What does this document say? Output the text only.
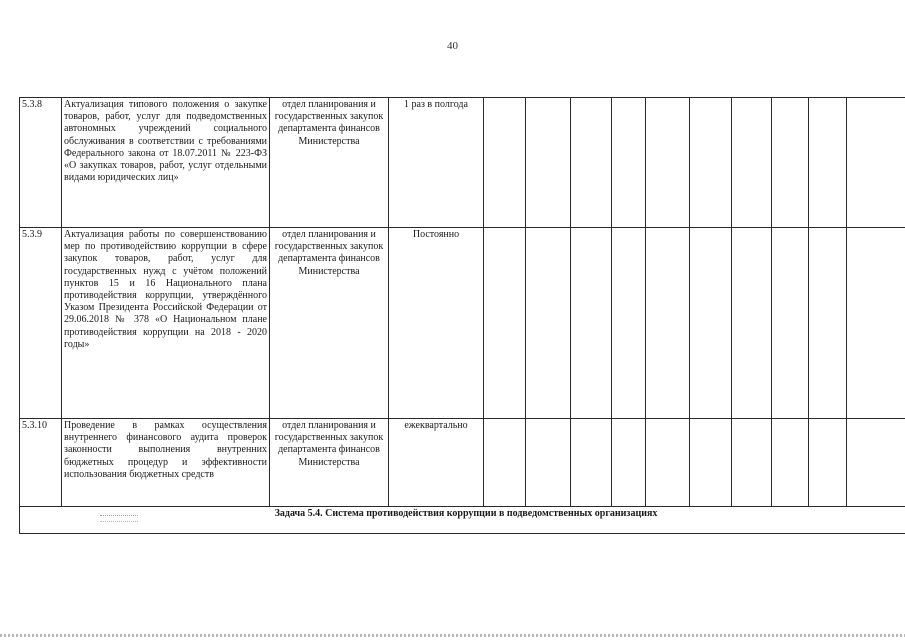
40
5.3.8	Актуализация типового положения о закупке товаров, работ, услуг для подведомственных автономных учреждений социального обслуживания в соответствии с требованиями Федерального закона от 18.07.2011 № 223-ФЗ «О закупках товаров, работ, услуг отдельными видами юридических лиц»	отдел планирования и государственных закупок департамента финансов Министерства	1 раз в полгода										
5.3.9	Актуализация работы по совершенствованию мер по противодействию коррупции в сфере закупок товаров, работ, услуг для государственных нужд с учётом положений пунктов 15 и 16 Национального плана противодействия коррупции, утверждённого Указом Президента Российской Федерации от 29.06.2018 № 378 «О Национальном плане противодействия коррупции на 2018 - 2020 годы»	отдел планирования и государственных закупок департамента финансов Министерства	Постоянно										
5.3.10	Проведение в рамках осуществления внутреннего финансового аудита проверок законности выполнения внутренних бюджетных процедур и эффективности использования бюджетных средств	отдел планирования и государственных закупок департамента финансов Министерства	ежеквартально										

Задача 5.4. Система противодействия коррупции в подведомственных организациях													
